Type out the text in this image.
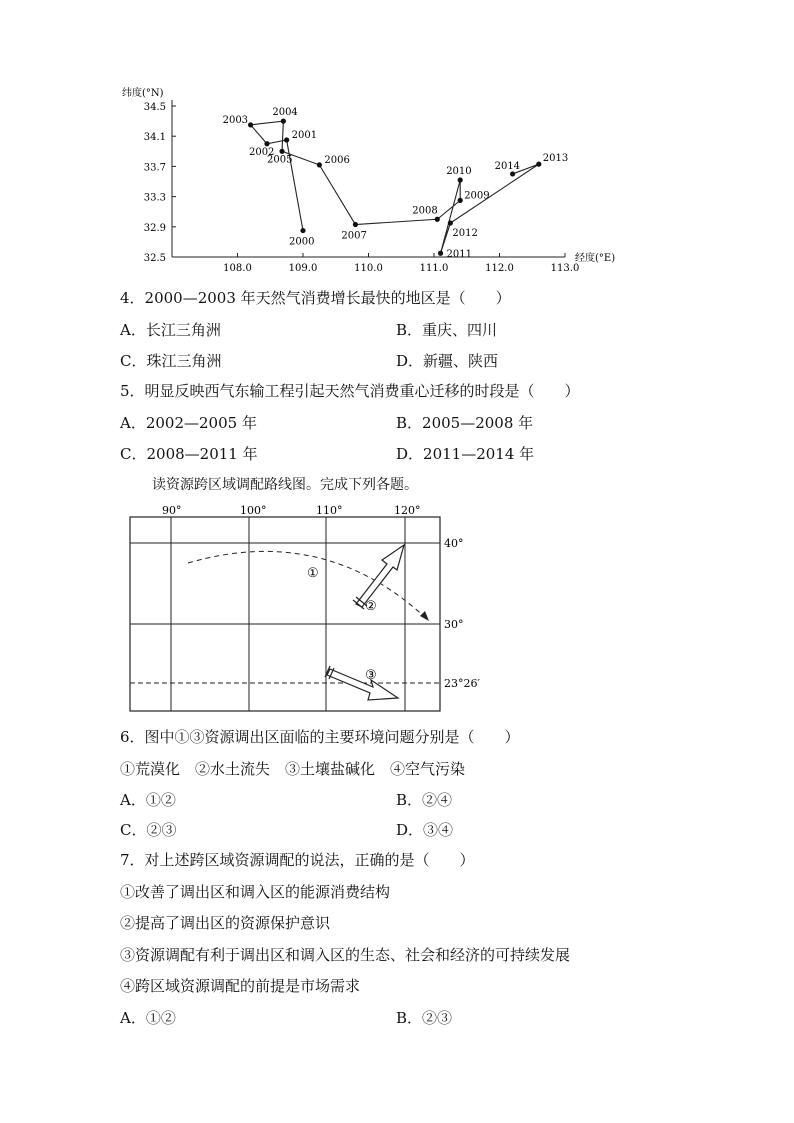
纬度(°N)
经度(°E)
34.5
34.1
33.7
33.3
32.9
32.5
108.0	109.0	110.0	111.0	112.0	113.0
2000
2001
2002
2003
2004
2005	2006
2007
2008
2009
2010
2011
2012
2013
2014
4．2000—2003 年天然气消费增长最快的地区是（　　）
A．长江三角洲	B．重庆、四川
C．珠江三角洲	D．新疆、陕西
5．明显反映西气东输工程引起天然气消费重心迁移的时段是（　　）
A．2002—2005 年	B．2005—2008 年
C．2008—2011 年	D．2011—2014 年
读资源跨区域调配路线图。完成下列各题。
90°	100°	110°	120°
40°
30°
23°26′
①
②
③
6．图中①③资源调出区面临的主要环境问题分别是（　　）
①荒漠化　②水土流失　③土壤盐碱化　④空气污染
A．①②	B．②④
C．②③	D．③④
7．对上述跨区域资源调配的说法，正确的是（　　）
①改善了调出区和调入区的能源消费结构
②提高了调出区的资源保护意识
③资源调配有利于调出区和调入区的生态、社会和经济的可持续发展
④跨区域资源调配的前提是市场需求
A．①②	B．②③
